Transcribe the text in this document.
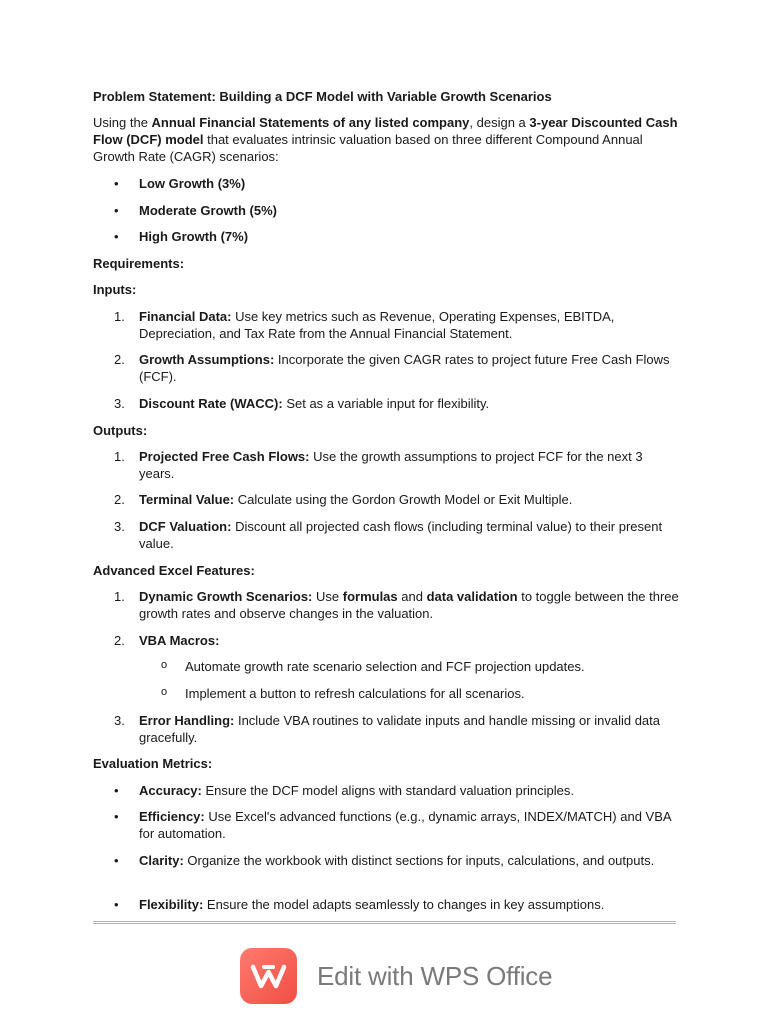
Problem Statement: Building a DCF Model with Variable Growth Scenarios
Using the Annual Financial Statements of any listed company, design a 3-year Discounted Cash Flow (DCF) model that evaluates intrinsic valuation based on three different Compound Annual Growth Rate (CAGR) scenarios:
• Low Growth (3%)
• Moderate Growth (5%)
• High Growth (7%)
Requirements:
Inputs:
1. Financial Data: Use key metrics such as Revenue, Operating Expenses, EBITDA, Depreciation, and Tax Rate from the Annual Financial Statement.
2. Growth Assumptions: Incorporate the given CAGR rates to project future Free Cash Flows (FCF).
3. Discount Rate (WACC): Set as a variable input for flexibility.
Outputs:
1. Projected Free Cash Flows: Use the growth assumptions to project FCF for the next 3 years.
2. Terminal Value: Calculate using the Gordon Growth Model or Exit Multiple.
3. DCF Valuation: Discount all projected cash flows (including terminal value) to their present value.
Advanced Excel Features:
1. Dynamic Growth Scenarios: Use formulas and data validation to toggle between the three growth rates and observe changes in the valuation.
2. VBA Macros:
o Automate growth rate scenario selection and FCF projection updates.
o Implement a button to refresh calculations for all scenarios.
3. Error Handling: Include VBA routines to validate inputs and handle missing or invalid data gracefully.
Evaluation Metrics:
• Accuracy: Ensure the DCF model aligns with standard valuation principles.
• Efficiency: Use Excel's advanced functions (e.g., dynamic arrays, INDEX/MATCH) and VBA for automation.
• Clarity: Organize the workbook with distinct sections for inputs, calculations, and outputs.
• Flexibility: Ensure the model adapts seamlessly to changes in key assumptions.
Edit with WPS Office
